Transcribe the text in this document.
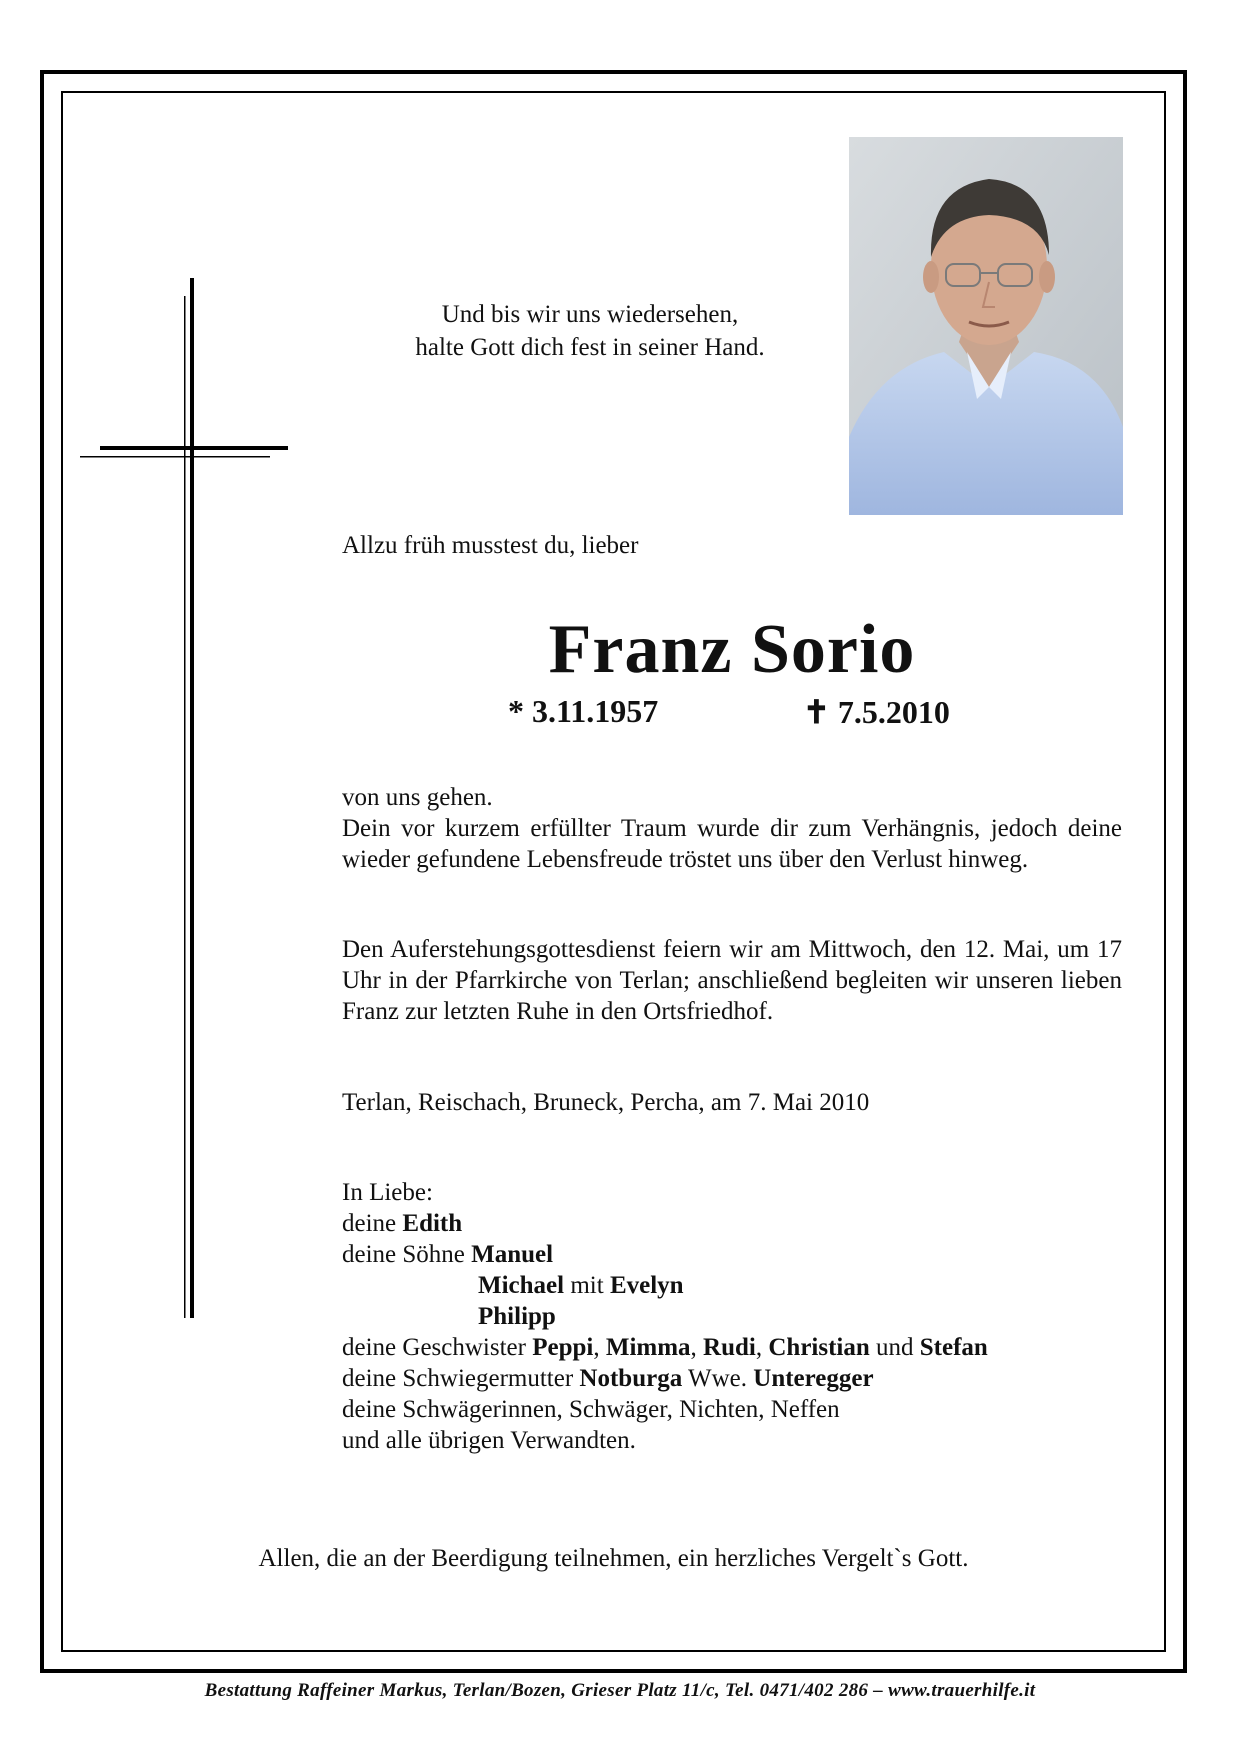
Und bis wir uns wiedersehen,
halte Gott dich fest in seiner Hand.
Allzu früh musstest du, lieber
Franz Sorio
* 3.11.1957	✝ 7.5.2010
von uns gehen.
Dein vor kurzem erfüllter Traum wurde dir zum Verhängnis, jedoch deine wieder gefundene Lebensfreude tröstet uns über den Verlust hinweg.
Den Auferstehungsgottesdienst feiern wir am Mittwoch, den 12. Mai, um 17 Uhr in der Pfarrkirche von Terlan; anschließend begleiten wir unseren lieben Franz zur letzten Ruhe in den Ortsfriedhof.
Terlan, Reischach, Bruneck, Percha, am 7. Mai 2010
In Liebe:
deine Edith
deine Söhne Manuel
Michael mit Evelyn
Philipp
deine Geschwister Peppi, Mimma, Rudi, Christian und Stefan
deine Schwiegermutter Notburga Wwe. Unteregger
deine Schwägerinnen, Schwäger, Nichten, Neffen
und alle übrigen Verwandten.
Allen, die an der Beerdigung teilnehmen, ein herzliches Vergelt`s Gott.
Bestattung Raffeiner Markus, Terlan/Bozen, Grieser Platz 11/c, Tel. 0471/402 286 – www.trauerhilfe.it
